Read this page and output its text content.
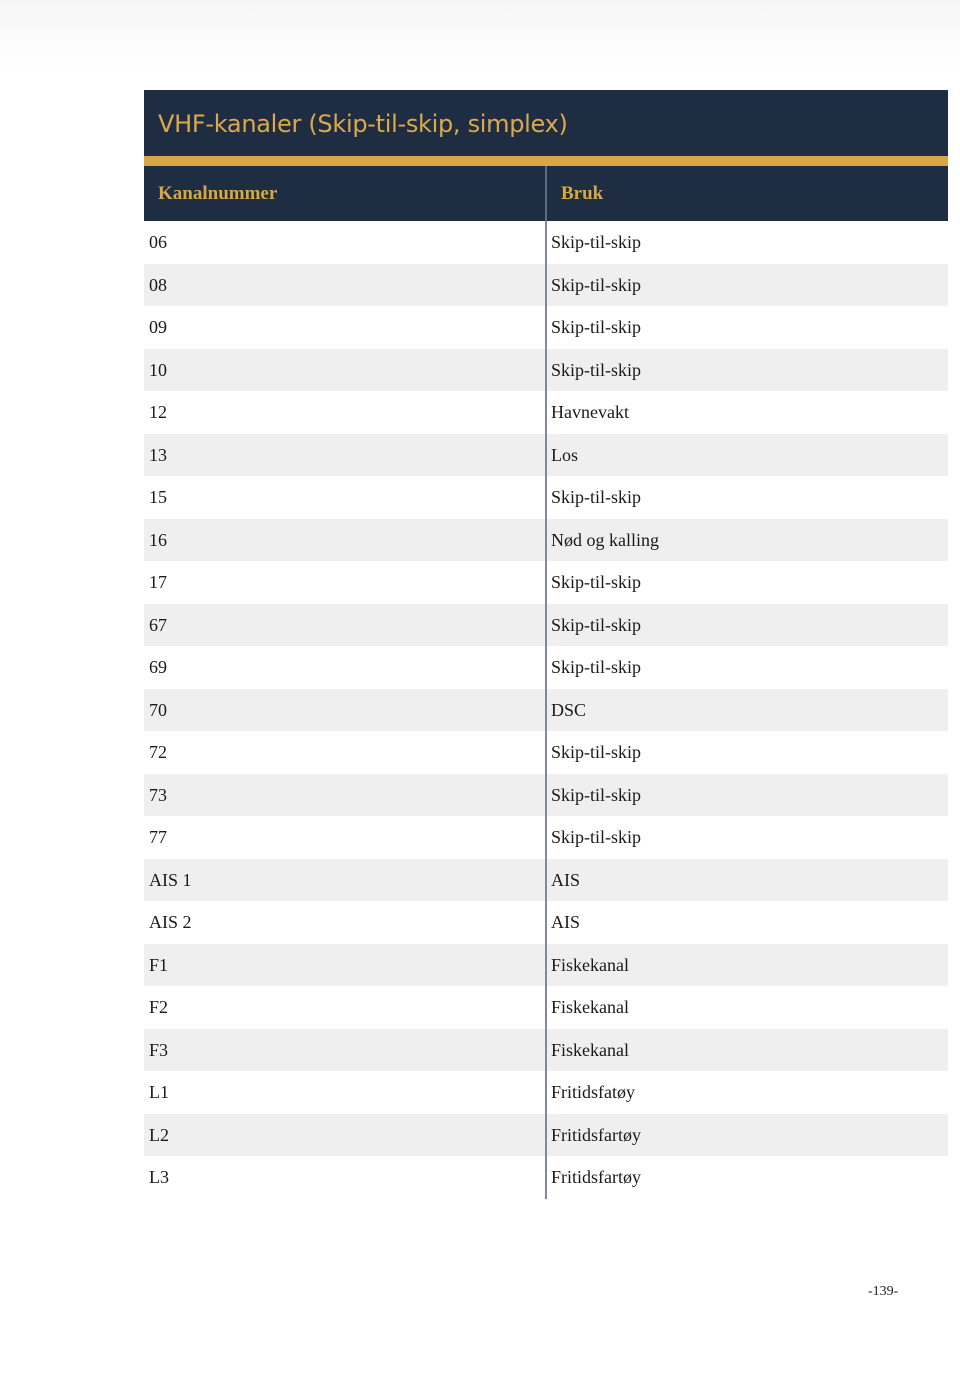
VHF-kanaler (Skip-til-skip, simplex)
Kanalnummer	Bruk
06	Skip-til-skip
08	Skip-til-skip
09	Skip-til-skip
10	Skip-til-skip
12	Havnevakt
13	Los
15	Skip-til-skip
16	Nød og kalling
17	Skip-til-skip
67	Skip-til-skip
69	Skip-til-skip
70	DSC
72	Skip-til-skip
73	Skip-til-skip
77	Skip-til-skip
AIS 1	AIS
AIS 2	AIS
F1	Fiskekanal
F2	Fiskekanal
F3	Fiskekanal
L1	Fritidsfatøy
L2	Fritidsfartøy
L3	Fritidsfartøy
-139-
